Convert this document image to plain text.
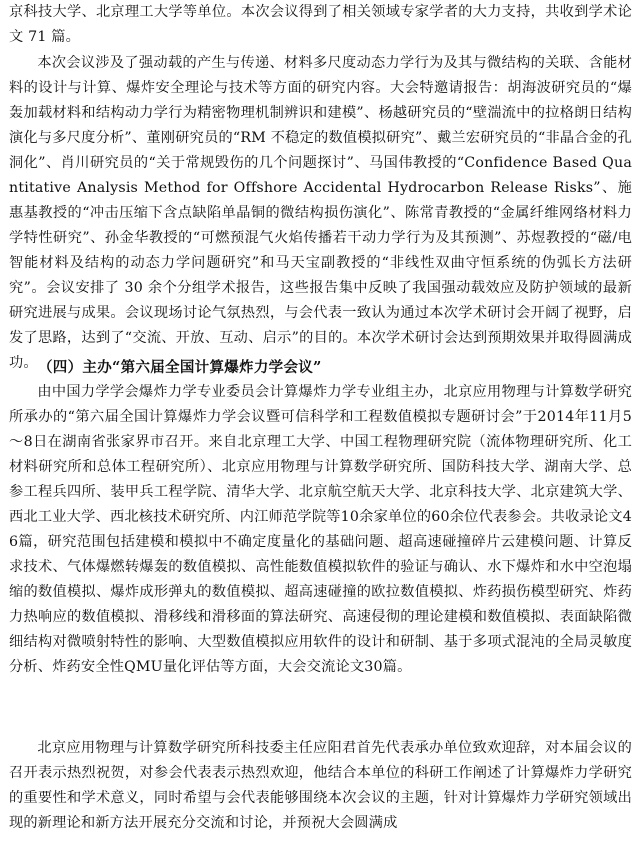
京科技大学、北京理工大学等单位。本次会议得到了相关领域专家学者的大力支持，共收到学术论文 71 篇。

本次会议涉及了强动载的产生与传递、材料多尺度动态力学行为及其与微结构的关联、含能材料的设计与计算、爆炸安全理论与技术等方面的研究内容。大会特邀请报告：胡海波研究员的“爆轰加载材料和结构动力学行为精密物理机制辨识和建模”、杨越研究员的“壁湍流中的拉格朗日结构演化与多尺度分析”、董刚研究员的“RM 不稳定的数值模拟研究”、戴兰宏研究员的“非晶合金的孔洞化”、肖川研究员的“关于常规毁伤的几个问题探讨”、马国伟教授的“Confidence Based Quantitative Analysis Method for Offshore Accidental Hydrocarbon Release Risks”、施惠基教授的“冲击压缩下含点缺陷单晶铜的微结构损伤演化”、陈常青教授的“金属纤维网络材料力学特性研究”、孙金华教授的“可燃预混气火焰传播若干动力学行为及其预测”、苏煜教授的“磁/电智能材料及结构的动态力学问题研究”和马天宝副教授的“非线性双曲守恒系统的伪弧长方法研究”。会议安排了 30 余个分组学术报告，这些报告集中反映了我国强动载效应及防护领域的最新研究进展与成果。会议现场讨论气氛热烈，与会代表一致认为通过本次学术研讨会开阔了视野，启发了思路，达到了“交流、开放、互动、启示”的目的。本次学术研讨会达到预期效果并取得圆满成功。 （四）主办“第六届全国计算爆炸力学会议”

由中国力学学会爆炸力学专业委员会计算爆炸力学专业组主办，北京应用物理与计算数学研究所承办的“第六届全国计算爆炸力学会议暨可信科学和工程数值模拟专题研讨会”于2014年11月5～8日在湖南省张家界市召开。来自北京理工大学、中国工程物理研究院（流体物理研究所、化工材料研究所和总体工程研究所）、北京应用物理与计算数学研究所、国防科技大学、湖南大学、总参工程兵四所、装甲兵工程学院、清华大学、北京航空航天大学、北京科技大学、北京建筑大学、西北工业大学、西北核技术研究所、内江师范学院等10余家单位的60余位代表参会。共收录论文46篇，研究范围包括建模和模拟中不确定度量化的基础问题、超高速碰撞碎片云建模问题、计算反求技术、气体爆燃转爆轰的数值模拟、高性能数值模拟软件的验证与确认、水下爆炸和水中空泡塌缩的数值模拟、爆炸成形弹丸的数值模拟、超高速碰撞的欧拉数值模拟、炸药损伤模型研究、炸药力热响应的数值模拟、滑移线和滑移面的算法研究、高速侵彻的理论建模和数值模拟、表面缺陷微细结构对微喷射特性的影响、大型数值模拟应用软件的设计和研制、基于多项式混沌的全局灵敏度分析、炸药安全性QMU量化评估等方面，大会交流论文30篇。

北京应用物理与计算数学研究所科技委主任应阳君首先代表承办单位致欢迎辞，对本届会议的召开表示热烈祝贺，对参会代表表示热烈欢迎，他结合本单位的科研工作阐述了计算爆炸力学研究的重要性和学术意义，同时希望与会代表能够围绕本次会议的主题，针对计算爆炸力学研究领域出现的新理论和新方法开展充分交流和讨论，并预祝大会圆满成
